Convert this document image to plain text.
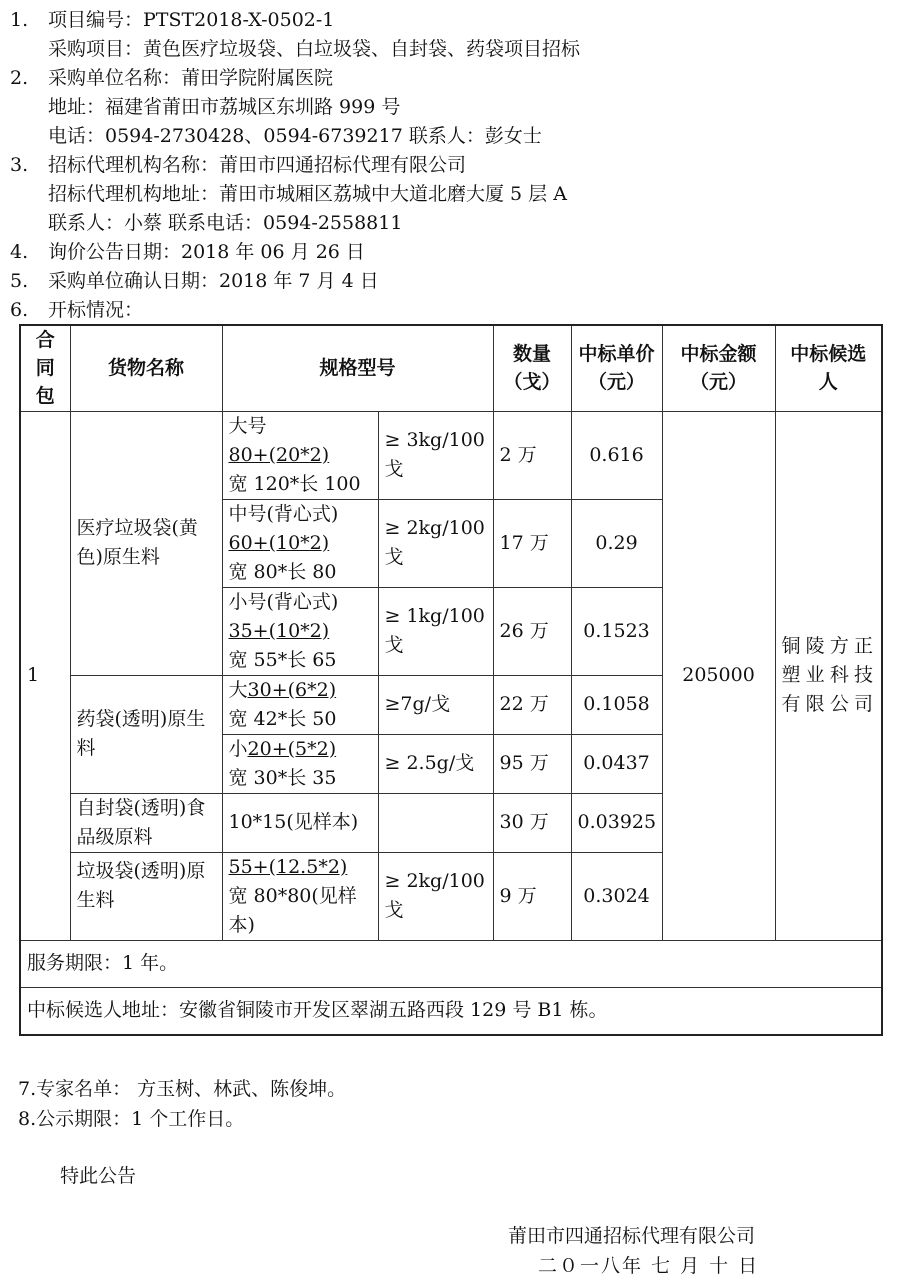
1. 项目编号：PTST2018-X-0502-1
采购项目：黄色医疗垃圾袋、白垃圾袋、自封袋、药袋项目招标
2. 采购单位名称：莆田学院附属医院
地址：福建省莆田市荔城区东圳路 999 号
电话：0594-2730428、0594-6739217 联系人：彭女士
3. 招标代理机构名称：莆田市四通招标代理有限公司
招标代理机构地址：莆田市城厢区荔城中大道北磨大厦 5 层 A
联系人：小蔡 联系电话：0594-2558811
4. 询价公告日期：2018 年 06 月 26 日
5. 采购单位确认日期：2018 年 7 月 4 日
6. 开标情况：
合同包	货物名称	规格型号		数量（戈）	中标单价（元）	中标金额（元）	中标候选人
1	医疗垃圾袋(黄色)原生料	大号
80+(20*2)
宽 120*长 100	≥ 3kg/100 戈	2 万	0.616	205000	铜陵方正塑业科技有限公司

		中号(背心式)
60+(10*2)
宽 80*长 80	≥ 2kg/100 戈	17 万	0.29		

		小号(背心式)
35+(10*2)
宽 55*长 65	≥ 1kg/100 戈	26 万	0.1523		
	药袋(透明)原生料	大30+(6*2)
宽 42*长 50	≥7g/戈	22 万	0.1058		

		小20+(5*2)
宽 30*长 35	≥ 2.5g/戈	95 万	0.0437		
	自封袋(透明)食品级原料	10*15(见样本)		30 万	0.03925		
	垃圾袋(透明)原生料	55+(12.5*2)
宽 80*80(见样本)	≥ 2kg/100 戈	9 万	0.3024		
服务期限：1 年。							
中标候选人地址：安徽省铜陵市开发区翠湖五路西段 129 号 B1 栋。							
7.专家名单： 方玉树、林武、陈俊坤。
8.公示期限：1 个工作日。
特此公告
莆田市四通招标代理有限公司
二０一八年 七 月 十 日
